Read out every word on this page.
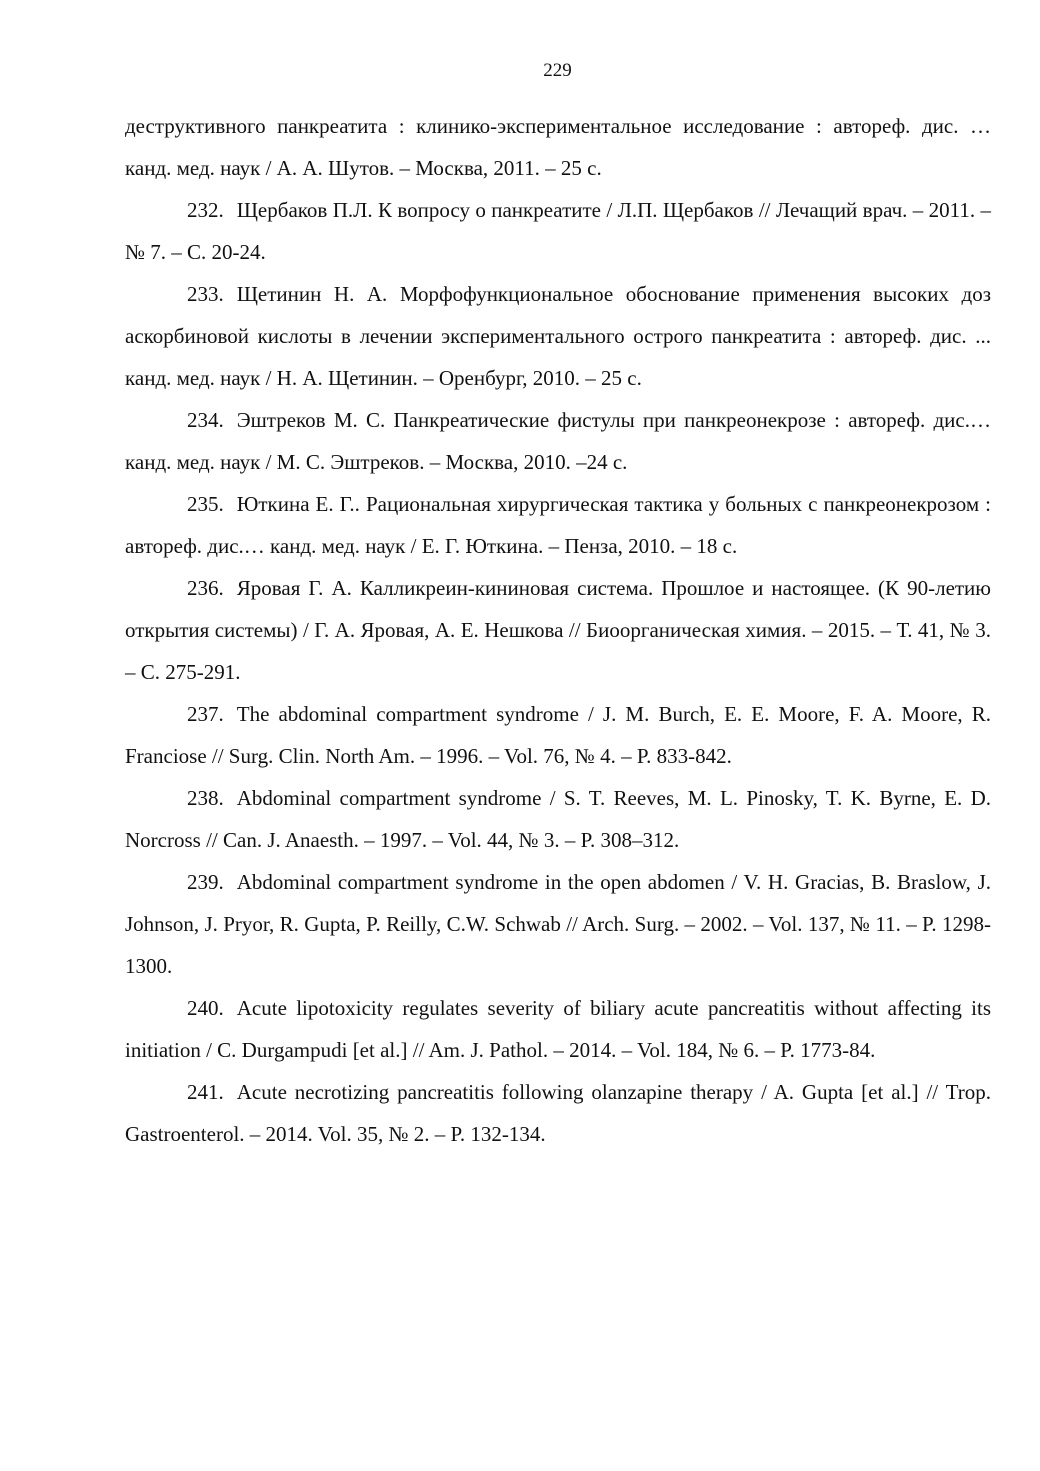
229

деструктивного панкреатита : клинико-экспериментальное исследование : автореф. дис. … канд. мед. наук / А. А. Шутов. – Москва, 2011. – 25 с.

232. Щербаков П.Л. К вопросу о панкреатите / Л.П. Щербаков // Лечащий врач. – 2011. – № 7. – С. 20-24.

233. Щетинин Н. А. Морфофункциональное обоснование применения высоких доз аскорбиновой кислоты в лечении экспериментального острого панкреатита : автореф. дис. ... канд. мед. наук / Н. А. Щетинин. – Оренбург, 2010. – 25 с.

234. Эштреков М. С. Панкреатические фистулы при панкреонекрозе : автореф. дис.… канд. мед. наук / М. С. Эштреков. – Москва, 2010. –24 с.

235. Юткина Е. Г.. Рациональная хирургическая тактика у больных с панкреонекрозом : автореф. дис.… канд. мед. наук / Е. Г. Юткина. – Пенза, 2010. – 18 с.

236. Яровая Г. А. Калликреин-кининовая система. Прошлое и настоящее. (К 90-летию открытия системы) / Г. А. Яровая, А. Е. Нешкова // Биоорганическая химия. – 2015. – Т. 41, № 3. – С. 275-291.

237. The abdominal compartment syndrome / J. M. Burch, E. E. Moore, F. A. Moore, R. Franciose // Surg. Clin. North Am. – 1996. – Vol. 76, № 4. – P. 833-842.

238. Abdominal compartment syndrome / S. T. Reeves, M. L. Pinosky, T. K. Byrne, E. D. Norcross // Can. J. Anaesth. – 1997. – Vol. 44, № 3. – P. 308–312.

239. Abdominal compartment syndrome in the open abdomen / V. H. Gracias, B. Braslow, J. Johnson, J. Pryor, R. Gupta, P. Reilly, C.W. Schwab // Arch. Surg. – 2002. – Vol. 137, № 11. – P. 1298-1300.

240. Acute lipotoxicity regulates severity of biliary acute pancreatitis without affecting its initiation / C. Durgampudi [et al.] // Am. J. Pathol. – 2014. – Vol. 184, № 6. – P. 1773-84.

241. Acute necrotizing pancreatitis following olanzapine therapy / A. Gupta [et al.] // Trop. Gastroenterol. – 2014. Vol. 35, № 2. – P. 132-134.
